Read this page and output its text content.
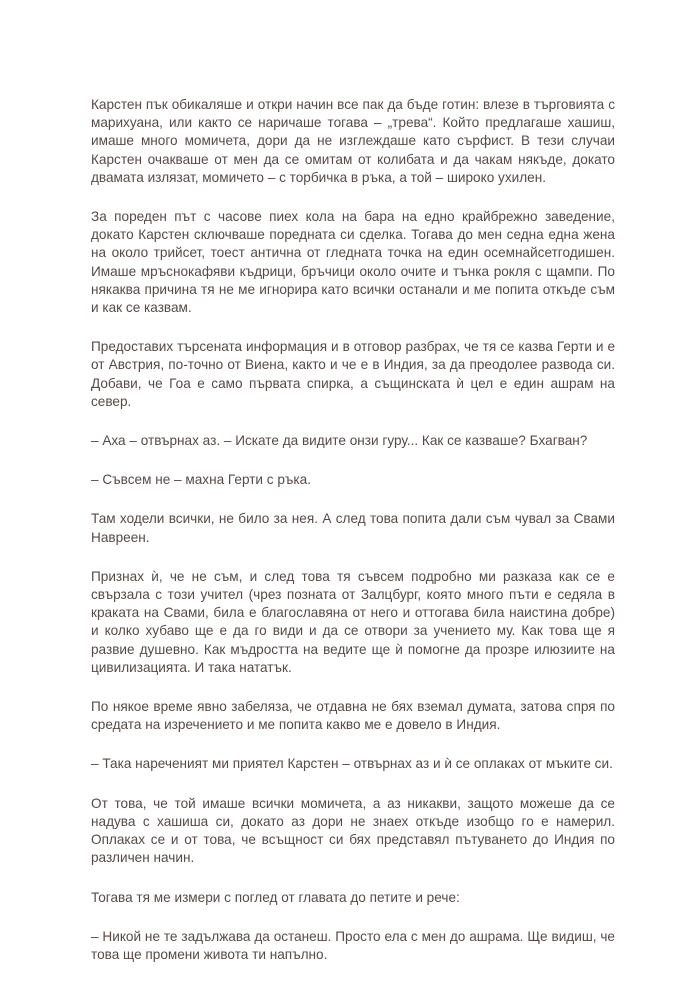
Карстен пък обикаляше и откри начин все пак да бъде готин: влезе в търговията с марихуана, или както се наричаше тогава – „трева“. Който предлагаше хашиш, имаше много момичета, дори да не изглеждаше като сърфист. В тези случаи Карстен очакваше от мен да се омитам от колибата и да чакам някъде, докато двамата излязат, момичето – с торбичка в ръка, а той – широко ухилен.

За пореден път с часове пиех кола на бара на едно крайбрежно заведение, докато Карстен сключваше поредната си сделка. Тогава до мен седна една жена на около трийсет, тоест антична от гледната точка на един осемнайсетгодишен. Имаше мръснокафяви къдрици, бръчици около очите и тънка рокля с щампи. По някаква причина тя не ме игнорира като всички останали и ме попита откъде съм и как се казвам.

Предоставих търсената информация и в отговор разбрах, че тя се казва Герти и е от Австрия, по-точно от Виена, както и че е в Индия, за да преодолее развода си. Добави, че Гоа е само първата спирка, а същинската ѝ цел е един ашрам на север.

– Аха – отвърнах аз. – Искате да видите онзи гуру... Как се казваше? Бхагван?

– Съвсем не – махна Герти с ръка.

Там ходели всички, не било за нея. А след това попита дали съм чувал за Свами Навреен.

Признах ѝ, че не съм, и след това тя съвсем подробно ми разказа как се е свързала с този учител (чрез позната от Залцбург, която много пъти е седяла в краката на Свами, била е благославяна от него и оттогава била наистина добре) и колко хубаво ще е да го види и да се отвори за учението му. Как това ще я развие душевно. Как мъдростта на ведите ще ѝ помогне да прозре илюзиите на цивилизацията. И така нататък.

По някое време явно забеляза, че отдавна не бях вземал думата, затова спря по средата на изречението и ме попита какво ме е довело в Индия.

– Така нареченият ми приятел Карстен – отвърнах аз и ѝ се оплаках от мъките си.

От това, че той имаше всички момичета, а аз никакви, защото можеше да се надува с хашиша си, докато аз дори не знаех откъде изобщо го е намерил. Оплаках се и от това, че всъщност си бях представял пътуването до Индия по различен начин.

Тогава тя ме измери с поглед от главата до петите и рече:

– Никой не те задължава да останеш. Просто ела с мен до ашрама. Ще видиш, че това ще промени живота ти напълно.
